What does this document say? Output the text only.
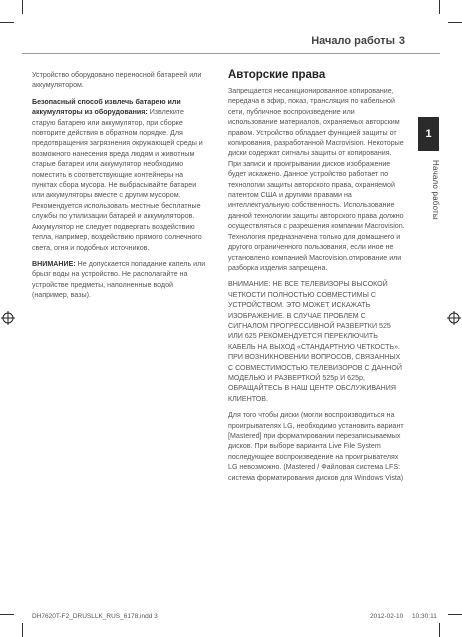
Начало работы 3

Устройство оборудовано переносной батареей или аккумулятором.

Безопасный способ извлечь батарею или аккумуляторы из оборудования: Извлеките старую батарею или аккумулятор, при сборке повторите действия в обратном порядке. Для предотвращения загрязнения окружающей среды и возможного нанесения вреда людям и животным старые батареи или аккумулятор необходимо поместить в соответствующие контейнеры на пунктах сбора мусора. Не выбрасывайте батареи или аккумуляторы вместе с другим мусором. Рекомендуется использовать местные бесплатные службы по утилизации батарей и аккумуляторов. Аккумулятор не следует подвергать воздействию тепла, например, воздействию прямого солнечного света, огня и подобных источников.

ВНИМАНИЕ: Не допускается попадание капель или брызг воды на устройство. Не располагайте на устройстве предметы, наполненные водой (например, вазы).

Авторские права

Запрещается несанкционированное копирование, передача в эфир, показ, трансляция по кабельной сети, публичное воспроизведение или использование материалов, охраняемых авторским правом. Устройство обладает функцией защиты от копирования, разработанной Macrovision. Некоторые диски содержат сигналы защиты от копирования. При записи и проигрывании дисков изображение будет искажено. Данное устройство работает по технологии защиты авторского права, охраняемой патентом США и другими правами на интеллектуальную собственность. Использование данной технологии защиты авторского права должно осуществляться с разрешения компании Macrovision. Технология предназначена только для домашнего и другого ограниченного пользования, если иное не установлено компанией Macrovision.отирование или разборка изделия запрещена.

ВНИМАНИЕ: НЕ ВСЕ ТЕЛЕВИЗОРЫ ВЫСОКОЙ ЧЕТКОСТИ ПОЛНОСТЬЮ СОВМЕСТИМЫ С УСТРОЙСТВОМ. ЭТО МОЖЕТ ИСКАЖАТЬ ИЗОБРАЖЕНИЕ. В СЛУЧАЕ ПРОБЛЕМ С СИГНАЛОМ ПРОГРЕССИВНОЙ РАЗВЕРТКИ 525 ИЛИ 625 РЕКОМЕНДУЕТСЯ ПЕРЕКЛЮЧИТЬ КАБЕЛЬ НА ВЫХОД «СТАНДАРТНУЮ ЧЕТКОСТЬ». ПРИ ВОЗНИКНОВЕНИИ ВОПРОСОВ, СВЯЗАННЫХ С СОВМЕСТИМОСТЬЮ ТЕЛЕВИЗОРОВ С ДАННОЙ МОДЕЛЬЮ И РАЗВЕРТКОЙ 525p И 625p, ОБРАЩАЙТЕСЬ В НАШ ЦЕНТР ОБСЛУЖИВАНИЯ КЛИЕНТОВ.

Для того чтобы диски (могли воспроизводиться на проигрывателях LG, необходимо установить вариант [Mastered] при форматировании перезаписываемых дисков. При выборе варианта Live File System последующее воспроизведение на проигрывателях LG невозможно. (Mastered / Файловая система LFS: система форматирования дисков для Windows Vista)

1
Начало работы
DH7620T-F2_DRUSLLK_RUS_6178.indd 3	2012-02-10 10:30:11
